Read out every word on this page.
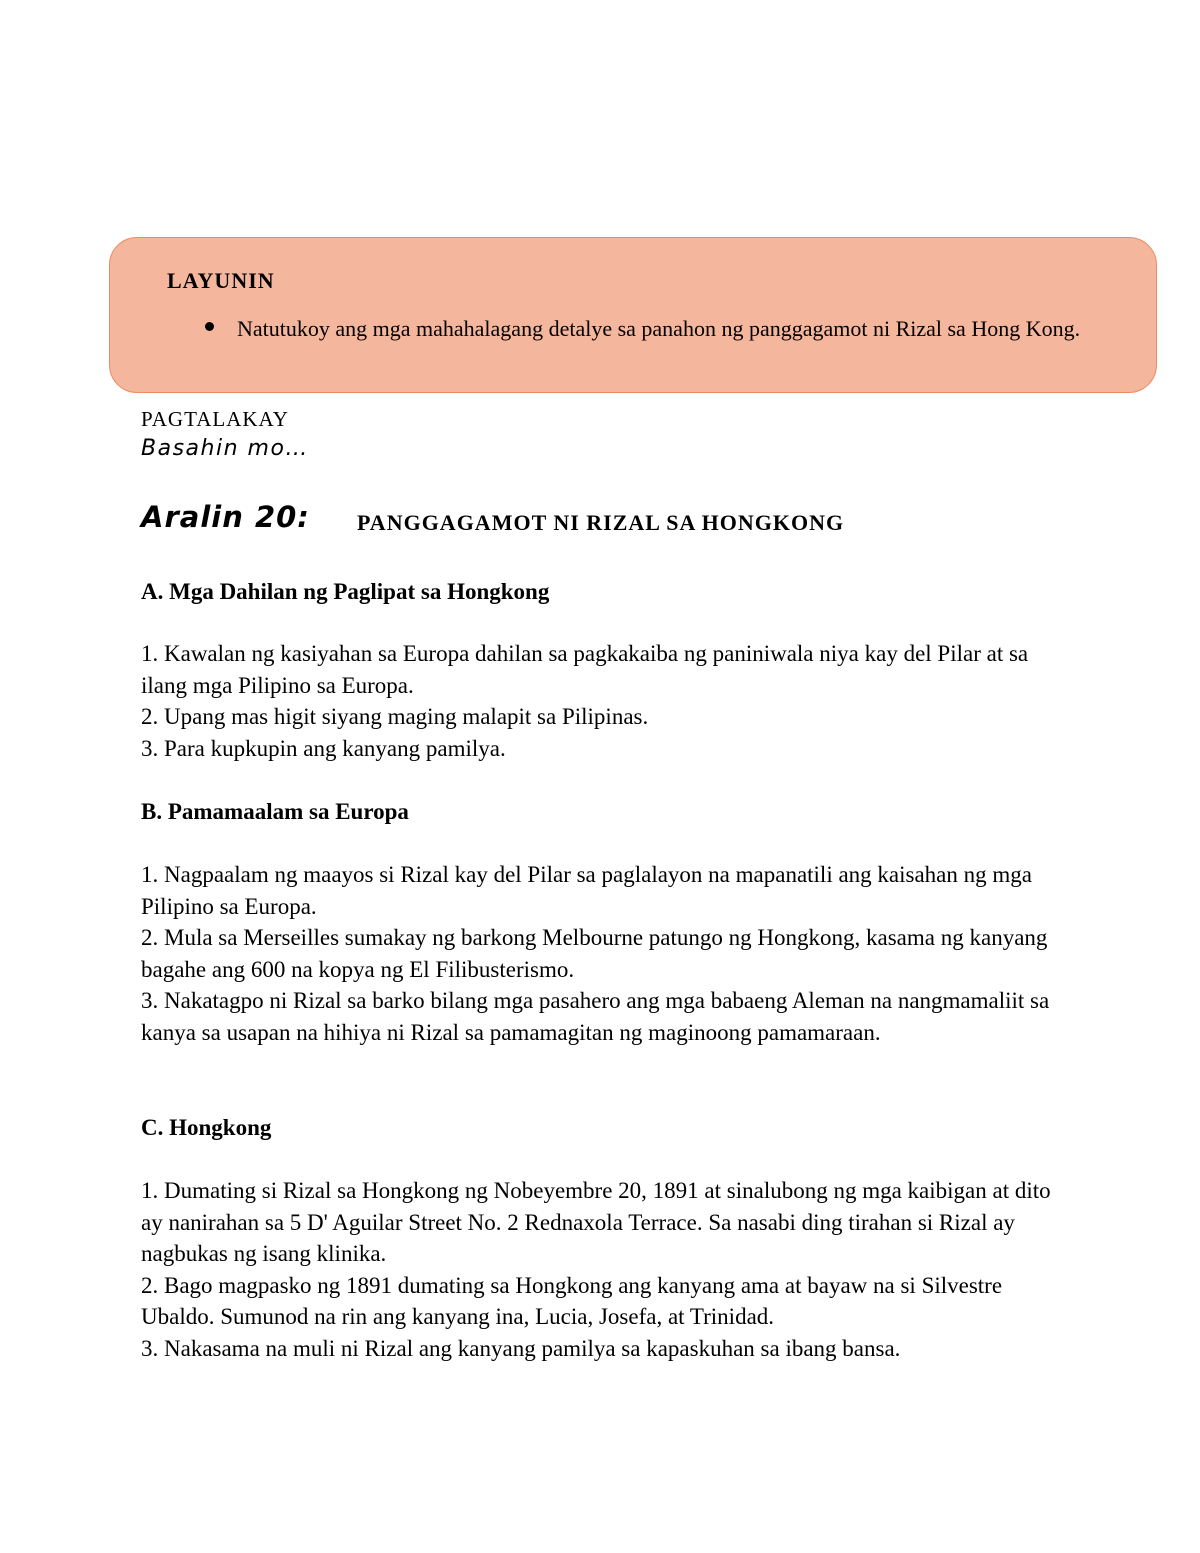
LAYUNIN
Natutukoy ang mga mahahalagang detalye sa panahon ng panggagamot ni Rizal sa Hong Kong.
PAGTALAKAY
Basahin mo…
Aralin 20: PANGGAGAMOT NI RIZAL SA HONGKONG
A. Mga Dahilan ng Paglipat sa Hongkong

1. Kawalan ng kasiyahan sa Europa dahilan sa pagkakaiba ng paniniwala niya kay del Pilar at sa ilang mga Pilipino sa Europa.

2. Upang mas higit siyang maging malapit sa Pilipinas.

3. Para kupkupin ang kanyang pamilya.

B. Pamamaalam sa Europa

1. Nagpaalam ng maayos si Rizal kay del Pilar sa paglalayon na mapanatili ang kaisahan ng mga Pilipino sa Europa.

2. Mula sa Merseilles sumakay ng barkong Melbourne patungo ng Hongkong, kasama ng kanyang bagahe ang 600 na kopya ng El Filibusterismo.

3. Nakatagpo ni Rizal sa barko bilang mga pasahero ang mga babaeng Aleman na nangmamaliit sa kanya sa usapan na hihiya ni Rizal sa pamamagitan ng maginoong pamamaraan.

C. Hongkong

1. Dumating si Rizal sa Hongkong ng Nobeyembre 20, 1891 at sinalubong ng mga kaibigan at dito ay nanirahan sa 5 D' Aguilar Street No. 2 Rednaxola Terrace. Sa nasabi ding tirahan si Rizal ay nagbukas ng isang klinika.

2. Bago magpasko ng 1891 dumating sa Hongkong ang kanyang ama at bayaw na si Silvestre Ubaldo. Sumunod na rin ang kanyang ina, Lucia, Josefa, at Trinidad.

3. Nakasama na muli ni Rizal ang kanyang pamilya sa kapaskuhan sa ibang bansa.
